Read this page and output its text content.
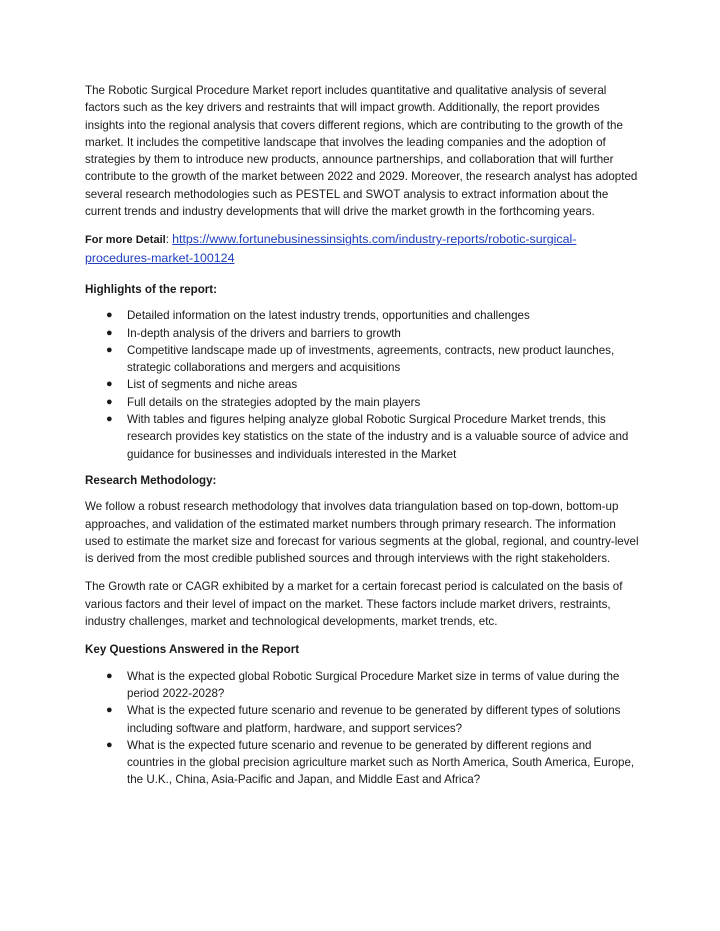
The Robotic Surgical Procedure Market report includes quantitative and qualitative analysis of several factors such as the key drivers and restraints that will impact growth. Additionally, the report provides insights into the regional analysis that covers different regions, which are contributing to the growth of the market. It includes the competitive landscape that involves the leading companies and the adoption of strategies by them to introduce new products, announce partnerships, and collaboration that will further contribute to the growth of the market between 2022 and 2029. Moreover, the research analyst has adopted several research methodologies such as PESTEL and SWOT analysis to extract information about the current trends and industry developments that will drive the market growth in the forthcoming years.

For more Detail: https://www.fortunebusinessinsights.com/industry-reports/robotic-surgical-procedures-market-100124

Highlights of the report:
● Detailed information on the latest industry trends, opportunities and challenges
● In-depth analysis of the drivers and barriers to growth
● Competitive landscape made up of investments, agreements, contracts, new product launches, strategic collaborations and mergers and acquisitions
● List of segments and niche areas
● Full details on the strategies adopted by the main players
● With tables and figures helping analyze global Robotic Surgical Procedure Market trends, this research provides key statistics on the state of the industry and is a valuable source of advice and guidance for businesses and individuals interested in the Market
Research Methodology:

We follow a robust research methodology that involves data triangulation based on top-down, bottom-up approaches, and validation of the estimated market numbers through primary research. The information used to estimate the market size and forecast for various segments at the global, regional, and country-level is derived from the most credible published sources and through interviews with the right stakeholders.

The Growth rate or CAGR exhibited by a market for a certain forecast period is calculated on the basis of various factors and their level of impact on the market. These factors include market drivers, restraints, industry challenges, market and technological developments, market trends, etc.

Key Questions Answered in the Report
● What is the expected global Robotic Surgical Procedure Market size in terms of value during the period 2022-2028?
● What is the expected future scenario and revenue to be generated by different types of solutions including software and platform, hardware, and support services?
● What is the expected future scenario and revenue to be generated by different regions and countries in the global precision agriculture market such as North America, South America, Europe, the U.K., China, Asia-Pacific and Japan, and Middle East and Africa?
